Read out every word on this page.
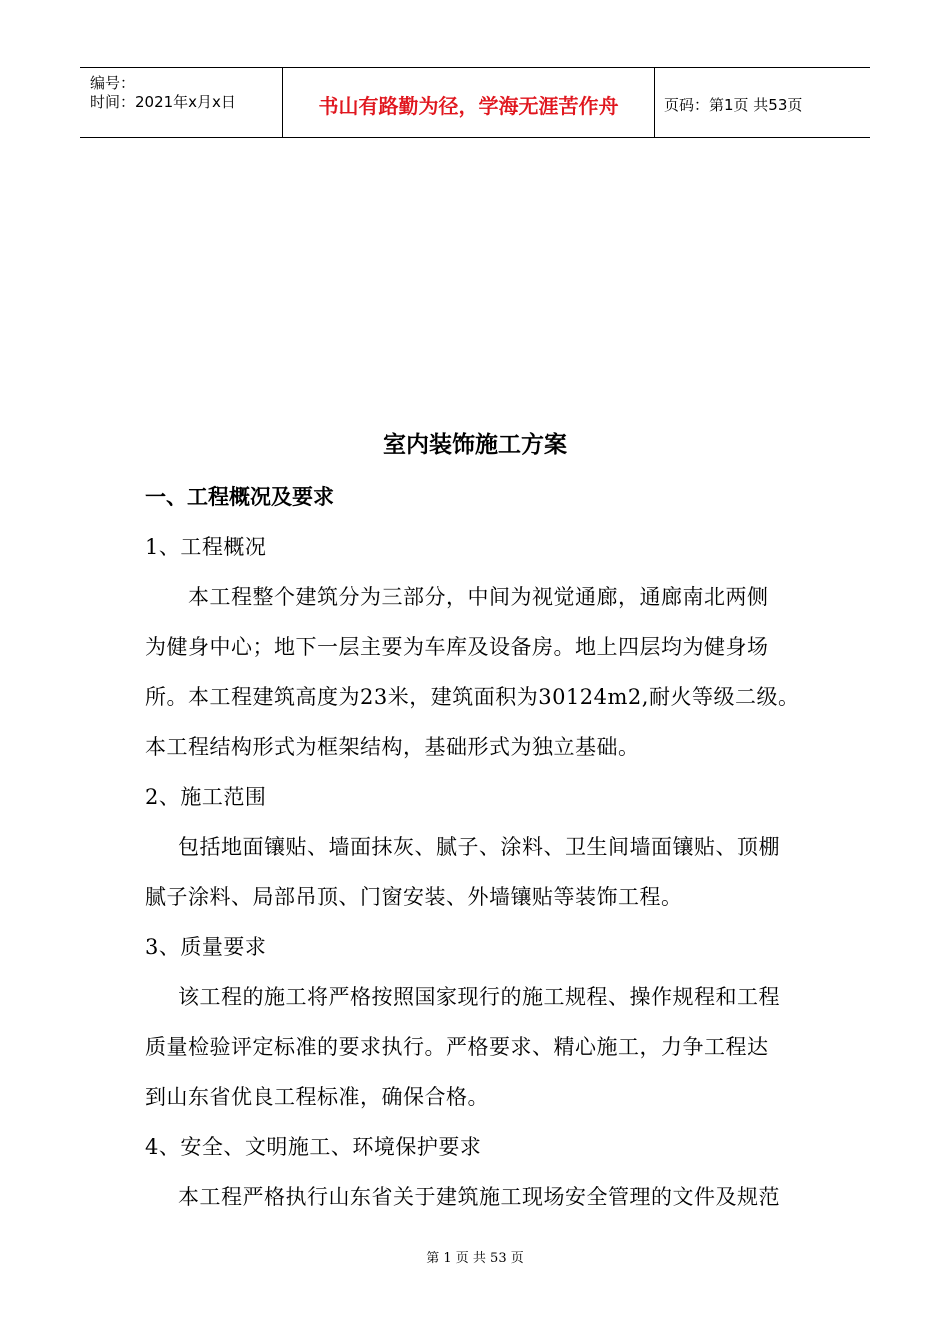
编号：
时间：2021年x月x日	书山有路勤为径，学海无涯苦作舟	页码：第1页 共53页
室内装饰施工方案
一、工程概况及要求
1、工程概况
本工程整个建筑分为三部分，中间为视觉通廊，通廊南北两侧
为健身中心；地下一层主要为车库及设备房。地上四层均为健身场
所。本工程建筑高度为23米，建筑面积为30124m2,耐火等级二级。
本工程结构形式为框架结构，基础形式为独立基础。
2、施工范围
包括地面镶贴、墙面抹灰、腻子、涂料、卫生间墙面镶贴、顶棚
腻子涂料、局部吊顶、门窗安装、外墙镶贴等装饰工程。
3、质量要求
该工程的施工将严格按照国家现行的施工规程、操作规程和工程
质量检验评定标准的要求执行。严格要求、精心施工，力争工程达
到山东省优良工程标准，确保合格。
4、安全、文明施工、环境保护要求
本工程严格执行山东省关于建筑施工现场安全管理的文件及规范
第 1 页 共 53 页
